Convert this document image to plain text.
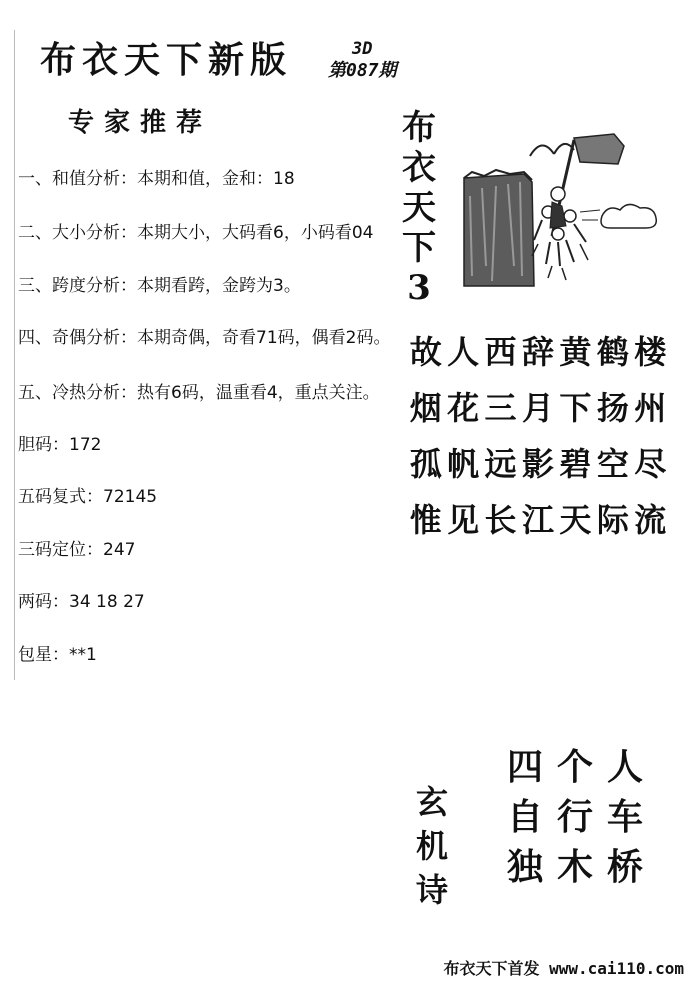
布衣天下新版	3D
第087期
专家推荐
一、和值分析：本期和值，金和：18
二、大小分析：本期大小，大码看6，小码看04
三、跨度分析：本期看跨，金跨为3。
四、奇偶分析：本期奇偶，奇看71码，偶看2码。
五、冷热分析：热有6码，温重看4，重点关注。
胆码：172
五码复式：72145
三码定位：247
两码：34 18 27
包星：**1
布
衣
天
下
3
故 人 西 辞 黄 鹤 楼
烟 花 三 月 下 扬 州
孤 帆 远 影 碧 空 尽
惟 见 长 江 天 际 流
玄
机
诗
四 个 人
自 行 车
独 木 桥
布衣天下首发 www.cai110.com
